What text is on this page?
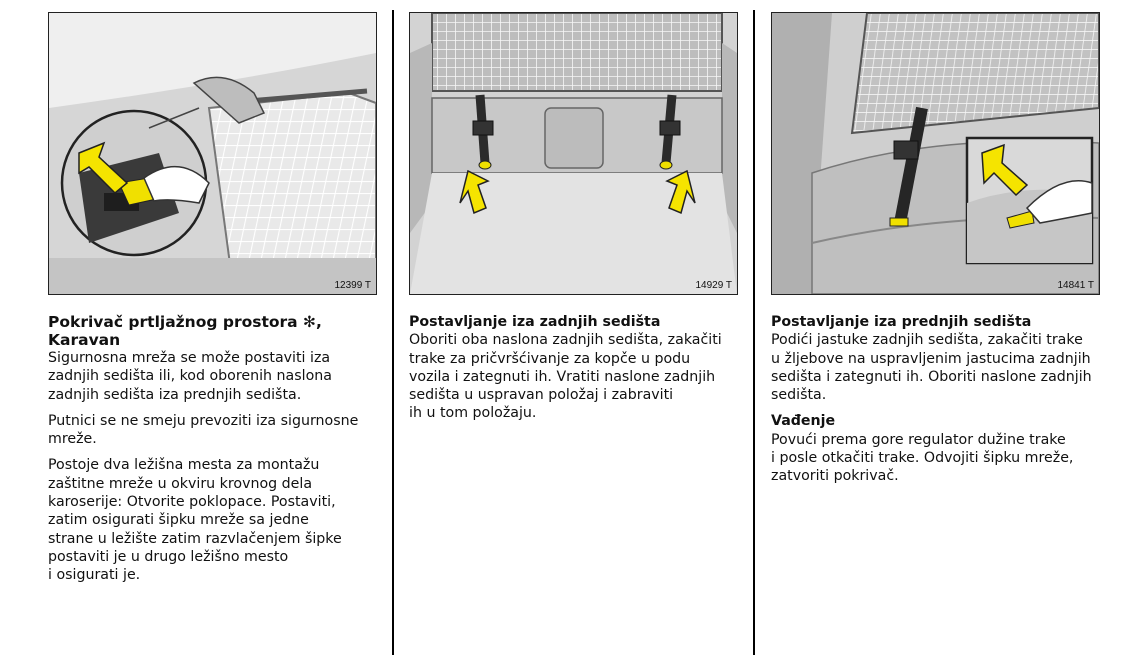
12399 T	14929 T	14841 T
Pokrivač prtljažnog prostora ✻,
Karavan

Sigurnosna mreža se može postaviti iza
zadnjih sedišta ili, kod oborenih naslona
zadnjih sedišta iza prednjih sedišta.

Putnici se ne smeju prevoziti iza sigurnosne
mreže.

Postoje dva ležišna mesta za montažu
zaštitne mreže u okviru krovnog dela
karoserije: Otvorite poklopace. Postaviti,
zatim osigurati šipku mreže sa jedne
strane u ležište zatim razvlačenjem šipke
postaviti je u drugo ležišno mesto
i osigurati je.

Postavljanje iza zadnjih sedišta

Oboriti oba naslona zadnjih sedišta, zakačiti
trake za pričvršćivanje za kopče u podu
vozila i zategnuti ih. Vratiti naslone zadnjih
sedišta u uspravan položaj i zabraviti
ih u tom položaju.

Postavljanje iza prednjih sedišta

Podići jastuke zadnjih sedišta, zakačiti trake
u žljebove na uspravljenim jastucima zadnjih
sedišta i zategnuti ih. Oboriti naslone zadnjih
sedišta.

Vađenje

Povući prema gore regulator dužine trake
i posle otkačiti trake. Odvojiti šipku mreže,
zatvoriti pokrivač.
